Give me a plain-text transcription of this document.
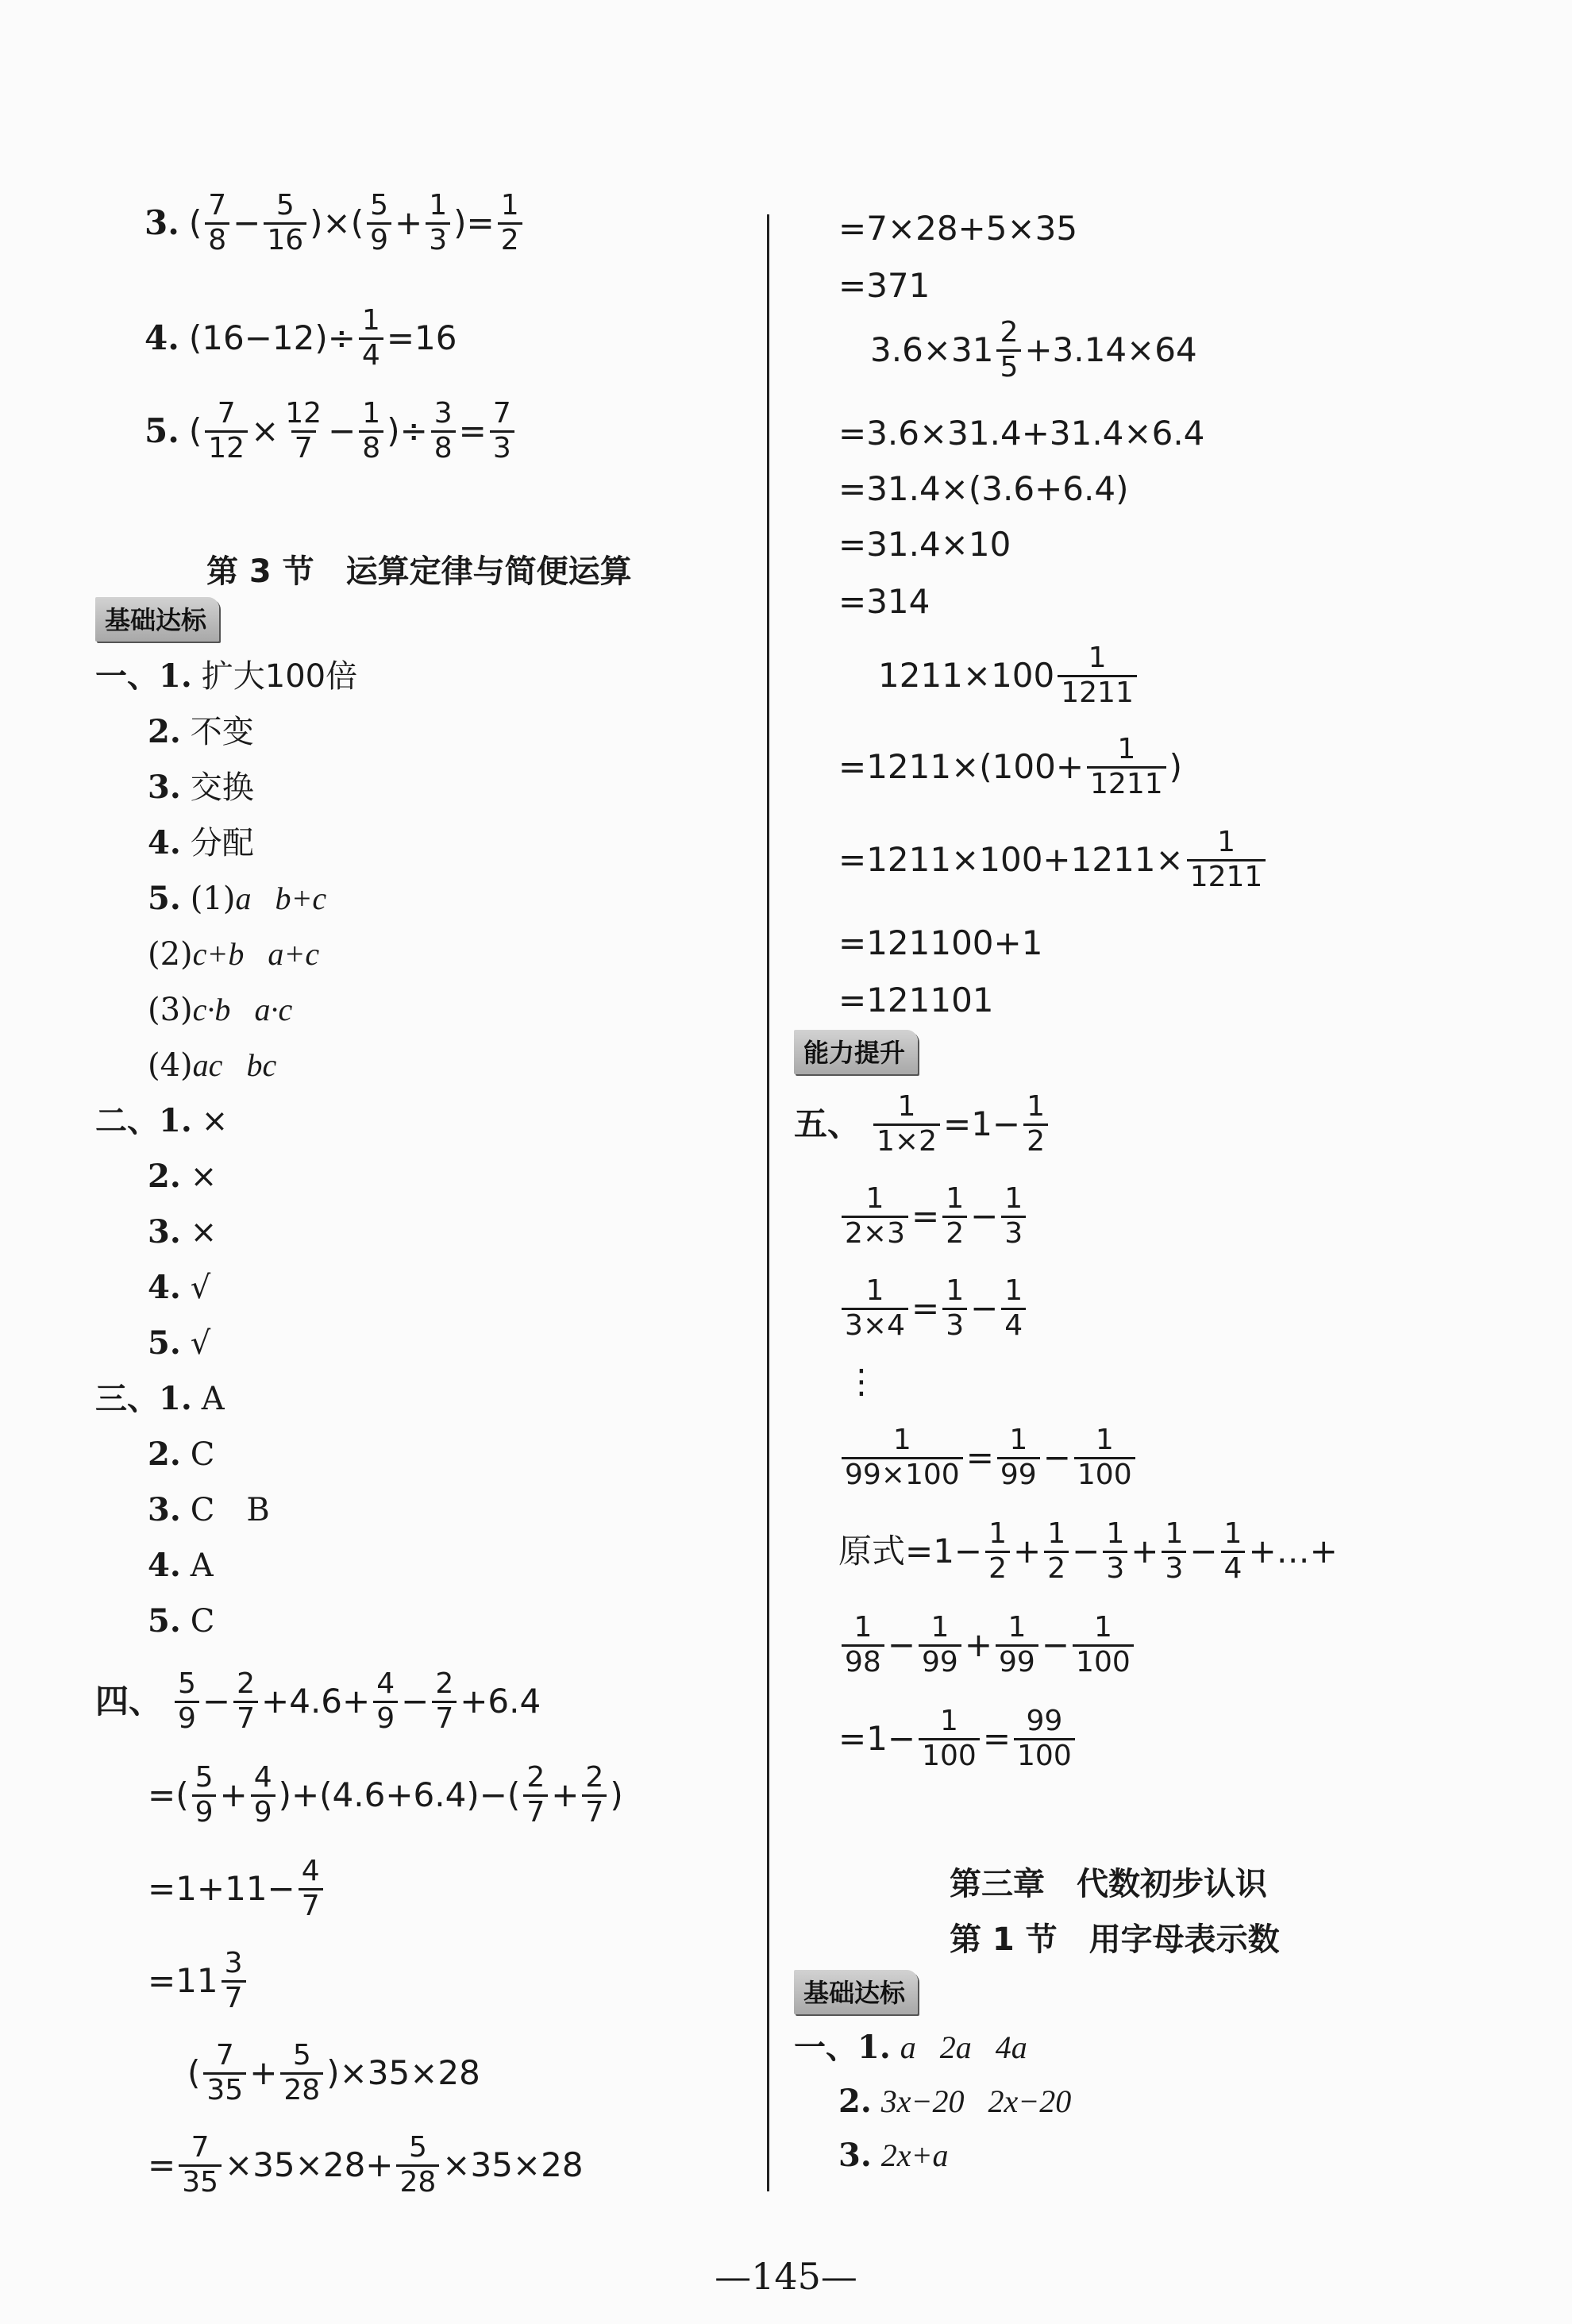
3. ( $\frac{7}{8} - \frac{5}{16}$ )×( $\frac{5}{9} + \frac{1}{3}$ )= $\frac{1}{2}$
4. $(16-12)\div \frac{1}{4} =16$
5. ( $\frac{7}{12} \times \frac{12}{7} - \frac{1}{8}$ )÷ $\frac{3}{8} = \frac{7}{3}$
第 3 节　运算定律与简便运算
基础达标
一、1. 扩大100倍
2. 不变
3. 交换
4. 分配
5. (1) a b+c
(2) c+b a+c
(3) c·b a·c
(4) ac bc
二、1. ×
2. ×
3. ×
4. √
5. √
三、1. A
2. C
3. C　B
4. A
5. C
四、 $\frac{5}{9} - \frac{2}{7} +4.6+ \frac{4}{9} - \frac{2}{7} +6.4$
=( $\frac{5}{9} + \frac{4}{9} )+(4.6+6.4)-( \frac{2}{7} + \frac{2}{7}$ )
$=1+11- \frac{4}{7}$
$=11 \frac{3}{7}$
( $\frac{7}{35} + \frac{5}{28} )\times 35\times 28$
= $\frac{7}{35} \times 35\times 28+ \frac{5}{28} \times 35\times 28$
=7×28+5×35
=371
$3.6\times 31 \frac{2}{5} +3.14\times 64$
=3.6×31.4+31.4×6.4
=31.4×(3.6+6.4)
=31.4×10
=314
$1211\times 100 \frac{1}{1211}$
$=1211\times(100+ \frac{1}{1211}$ )
$=1211\times 100+1211\times \frac{1}{1211}$
=121100+1
=121101
能力提升
五、 $\frac{1}{1\times 2} =1- \frac{1}{2}$
$\frac{1}{2\times 3} = \frac{1}{2} - \frac{1}{3}$
$\frac{1}{3\times 4} = \frac{1}{3} - \frac{1}{4}$
⋮
$\frac{1}{99\times 100} = \frac{1}{99} - \frac{1}{100}$
原式$=1- \frac{1}{2} + \frac{1}{2} - \frac{1}{3} + \frac{1}{3} - \frac{1}{4}$ +…+
$\frac{1}{98} - \frac{1}{99} + \frac{1}{99} - \frac{1}{100}$
$=1- \frac{1}{100} = \frac{99}{100}$
第三章　代数初步认识
第 1 节　用字母表示数
基础达标
一、1. a 2a 4a
2. 3x−20 2x−20
3. 2x+a
—145—
